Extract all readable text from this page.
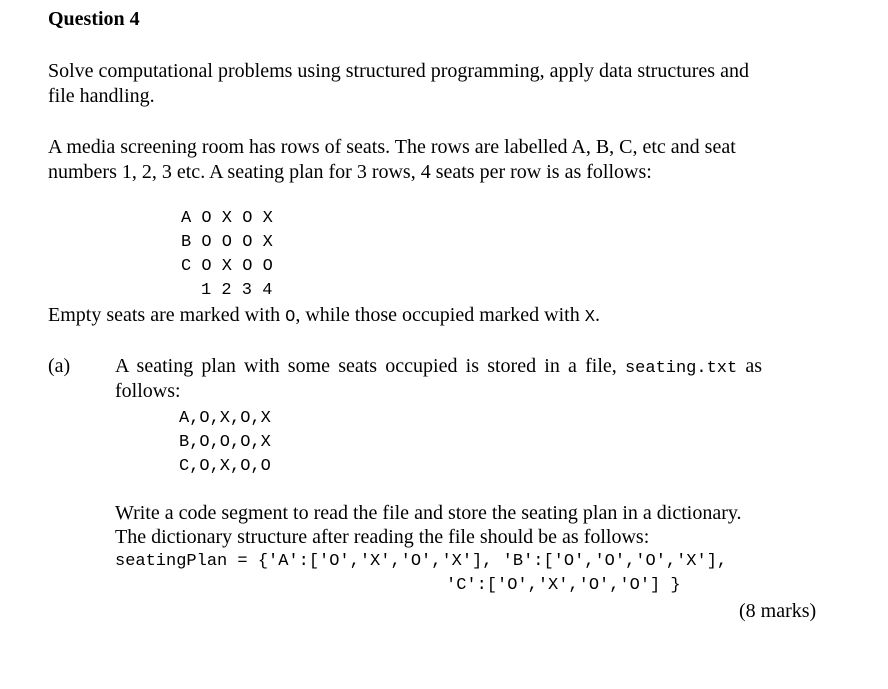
Question 4
Solve computational problems using structured programming, apply data structures and
file handling.
A media screening room has rows of seats. The rows are labelled A, B, C, etc and seat
numbers 1, 2, 3 etc. A seating plan for 3 rows, 4 seats per row is as follows:
A O X O X
B O O O X
C O X O O
1 2 3 4
Empty seats are marked with O, while those occupied marked with X.
(a) A seating plan with some seats occupied is stored in a file, seating.txt as
follows:
A,O,X,O,X
B,O,O,O,X
C,O,X,O,O
Write a code segment to read the file and store the seating plan in a dictionary.
The dictionary structure after reading the file should be as follows:
seatingPlan = {'A':['O','X','O','X'], 'B':['O','O','O','X'],
'C':['O','X','O','O'] }
(8 marks)
